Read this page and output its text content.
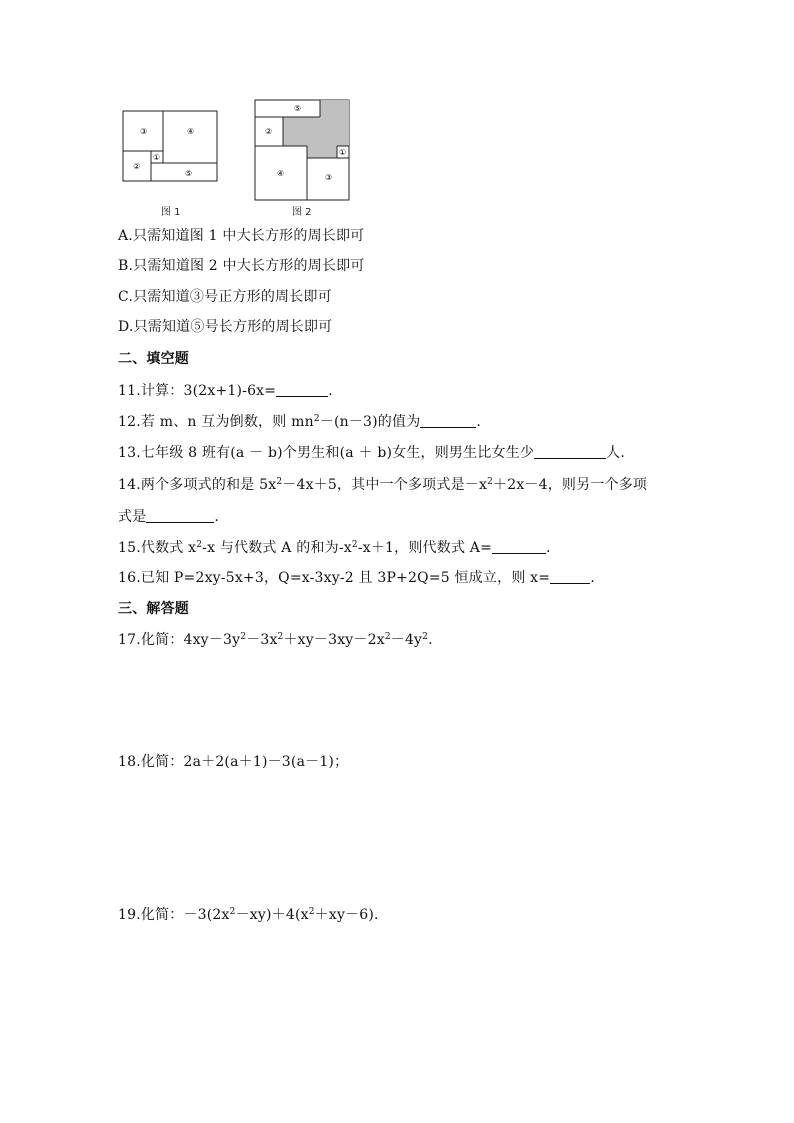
③	④
②
①
⑤
图 1
⑤
②
①
④	③
图 2
A.只需知道图 1 中大长方形的周长即可
B.只需知道图 2 中大长方形的周长即可
C.只需知道③号正方形的周长即可
D.只需知道⑤号长方形的周长即可
二、填空题
11.计算：3(2x+1)-6x=	.
12.若 m、n 互为倒数，则 $mn^2-(n-3)$的值为	.
13.七年级 8 班有(a － b)个男生和(a ＋ b)女生，则男生比女生少	人.
14.两个多项式的和是 $5x^2-4x+5$，其中一个多项式是$-x^2+2x-4$，则另一个多项
式是	.
15.代数式 $x^2-x$ 与代数式 A 的和为$-x^2-x+1$，则代数式 A=	.
16.已知 P=2xy-5x+3，Q=x-3xy-2 且 3P+2Q=5 恒成立，则 x=	.
三、解答题
17.化简：$4xy-3y^2-3x^2+xy-3xy-2x^2-4y^2$.
18.化简：2a＋2(a＋1)－3(a－1)；
19.化简：$-3(2x^2-xy)+4(x^2+xy-6)$.
